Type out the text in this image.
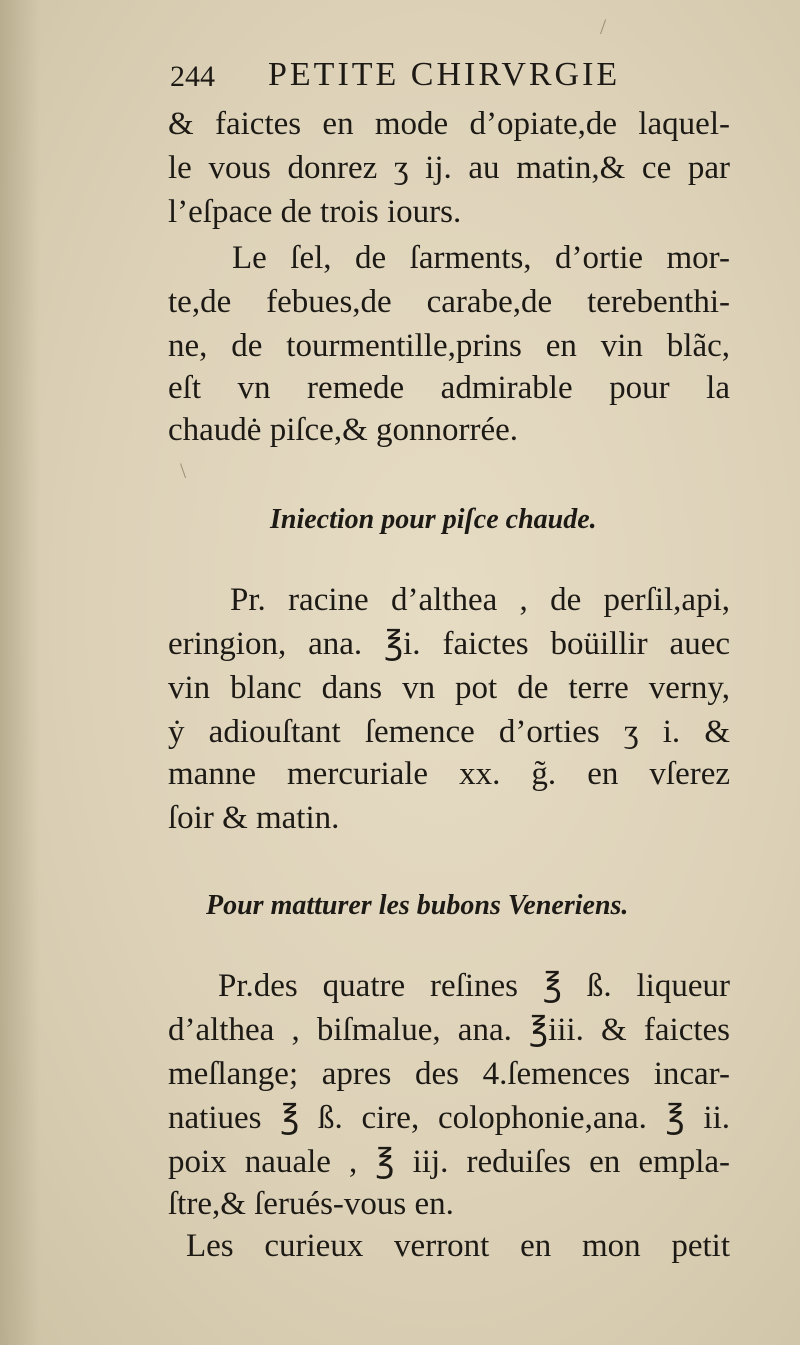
/
244 PETITE CHIRVRGIE
& faictes en mode d’opiate,de laquel-
le vous donrez ʒ ij. au matin,& ce par
l’eſpace de trois iours.
Le ſel, de ſarments, d’ortie mor-
te,de febues,de carabe,de terebenthi-
ne, de tourmentille,prins en vin blãc,
eſt vn remede admirable pour la
chaudė piſce,& gonnorrée.
\
Iniection pour piſce chaude.
Pr. racine d’althea , de perſil,api,
eringion, ana. ℥i. faictes boüillir auec
vin blanc dans vn pot de terre verny,
ẏ adiouſtant ſemence d’orties ʒ i. &
manne mercuriale xx. g̃. en vſerez
ſoir & matin.
Pour matturer les bubons Veneriens.
Pr.des quatre reſines ℥ ß. liqueur
d’althea , biſmalue, ana. ℥iii. & faictes
meſlange; apres des 4.ſemences incar-
natiues ℥ ß. cire, colophonie,ana. ℥ ii.
poix nauale , ℥ iij. reduiſes en empla-
ſtre,& ſerués-vous en.
Les curieux verront en mon petit
